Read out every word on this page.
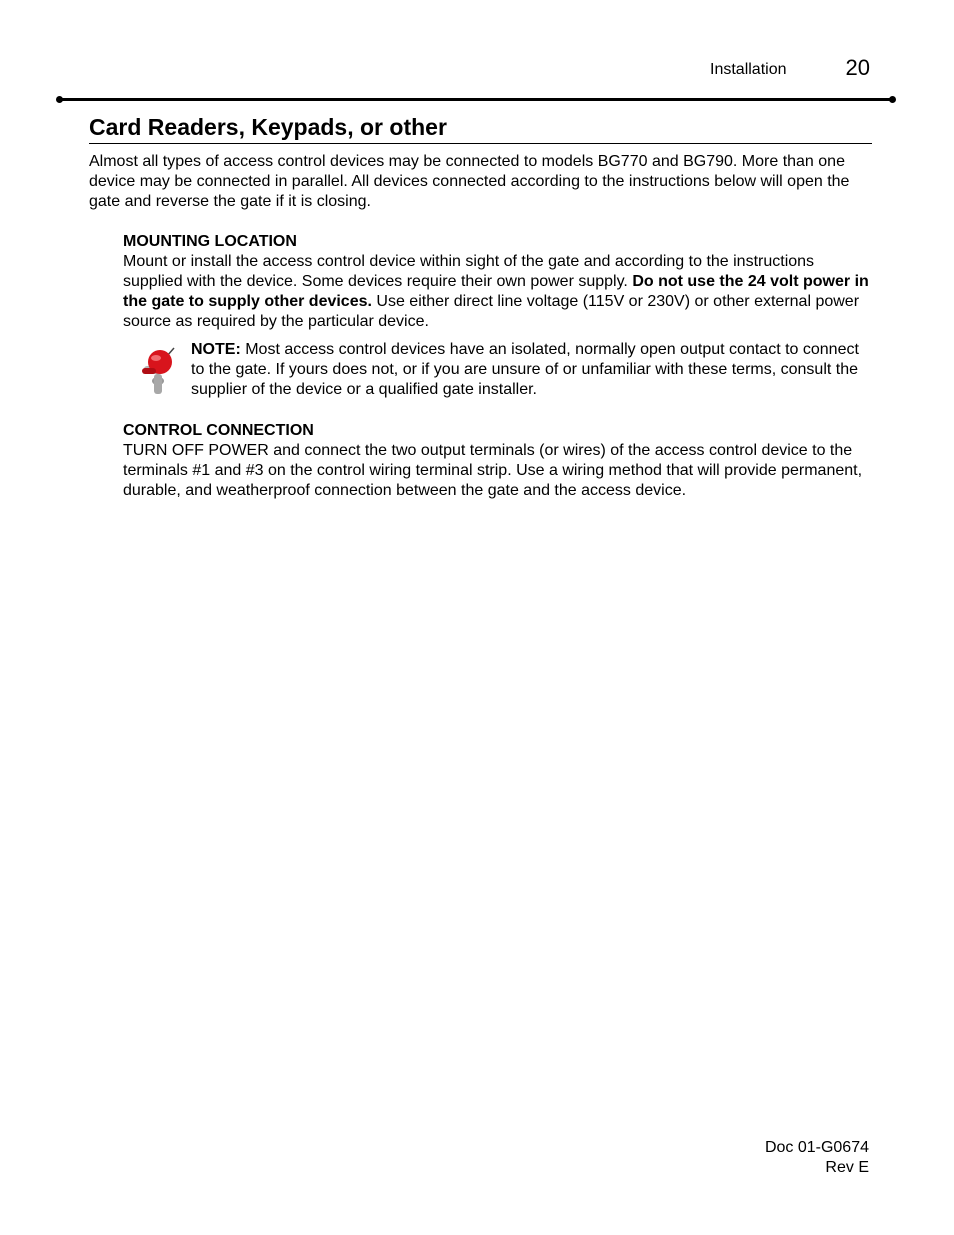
Installation	20
Card Readers, Keypads, or other
Almost all types of access control devices may be connected to models BG770 and BG790. More than one device may be connected in parallel. All devices connected according to the instructions below will open the gate and reverse the gate if it is closing.
MOUNTING LOCATION
Mount or install the access control device within sight of the gate and according to the instructions supplied with the device. Some devices require their own power supply. Do not use the 24 volt power in the gate to supply other devices. Use either direct line voltage (115V or 230V) or other external power source as required by the particular device.
NOTE: Most access control devices have an isolated, normally open output contact to connect to the gate. If yours does not, or if you are unsure of or unfamiliar with these terms, consult the supplier of the device or a qualified gate installer.
CONTROL CONNECTION
TURN OFF POWER and connect the two output terminals (or wires) of the access control device to the terminals #1 and #3 on the control wiring terminal strip. Use a wiring method that will provide permanent, durable, and weatherproof connection between the gate and the access device.
Doc 01-G0674
Rev E
